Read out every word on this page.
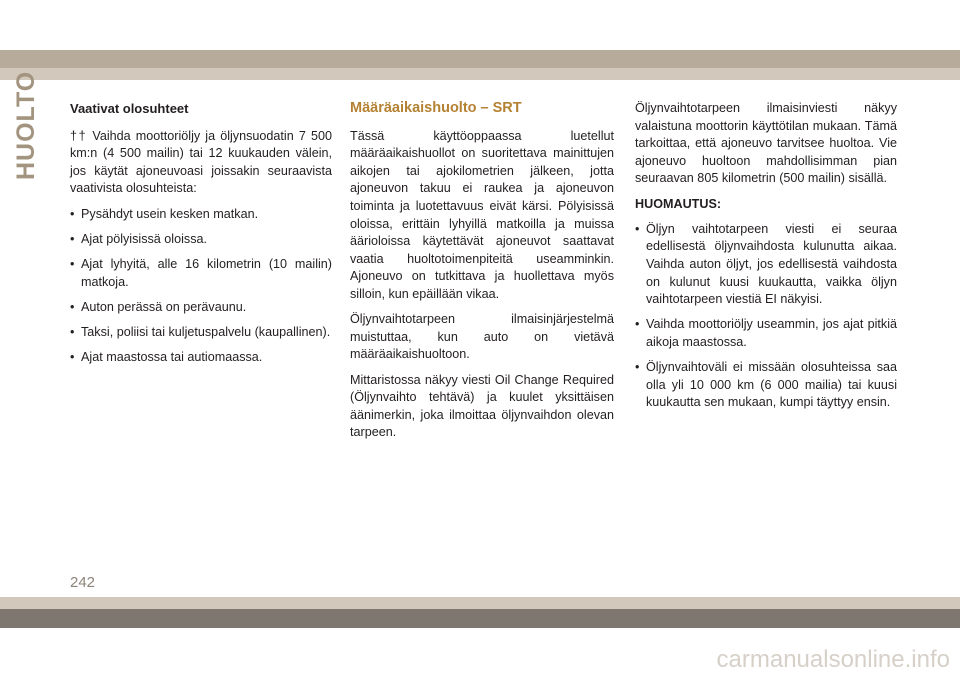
HUOLTO Vaativat olosuhteet

†† Vaihda moottoriöljy ja öljynsuodatin 7 500 km:n (4 500 mailin) tai 12 kuukauden välein, jos käytät ajoneuvoasi joissakin seuraavista vaativista olosuhteista:

• Pysähdyt usein kesken matkan.
• Ajat pölyisissä oloissa.
• Ajat lyhyitä, alle 16 kilometrin (10 mailin) matkoja.
• Auton perässä on perävaunu.
• Taksi, poliisi tai kuljetuspalvelu (kaupallinen).
• Ajat maastossa tai autiomaassa.
Määräaikaishuolto – SRT

Tässä käyttöoppaassa luetellut määräaikaishuollot on suoritettava mainittujen aikojen tai ajokilometrien jälkeen, jotta ajoneuvon takuu ei raukea ja ajoneuvon toiminta ja luotettavuus eivät kärsi. Pölyisissä oloissa, erittäin lyhyillä matkoilla ja muissa äärioloissa käytettävät ajoneuvot saattavat vaatia huoltotoimenpiteitä useamminkin. Ajoneuvo on tutkittava ja huollettava myös silloin, kun epäillään vikaa.

Öljynvaihtotarpeen ilmaisinjärjestelmä muistuttaa, kun auto on vietävä määräaikaishuoltoon.

Mittaristossa näkyy viesti Oil Change Required (Öljynvaihto tehtävä) ja kuulet yksittäisen äänimerkin, joka ilmoittaa öljynvaihdon olevan tarpeen.

Öljynvaihtotarpeen ilmaisinviesti näkyy valaistuna moottorin käyttötilan mukaan. Tämä tarkoittaa, että ajoneuvo tarvitsee huoltoa. Vie ajoneuvo huoltoon mahdollisimman pian seuraavan 805 kilometrin (500 mailin) sisällä.

HUOMAUTUS:
• Öljyn vaihtotarpeen viesti ei seuraa edellisestä öljynvaihdosta kulunutta aikaa. Vaihda auton öljyt, jos edellisestä vaihdosta on kulunut kuusi kuukautta, vaikka öljyn vaihtotarpeen viestiä EI näkyisi.
• Vaihda moottoriöljy useammin, jos ajat pitkiä aikoja maastossa.
• Öljynvaihtoväli ei missään olosuhteissa saa olla yli 10 000 km (6 000 mailia) tai kuusi kuukautta sen mukaan, kumpi täyttyy ensin.
242
carmanualsonline.info
